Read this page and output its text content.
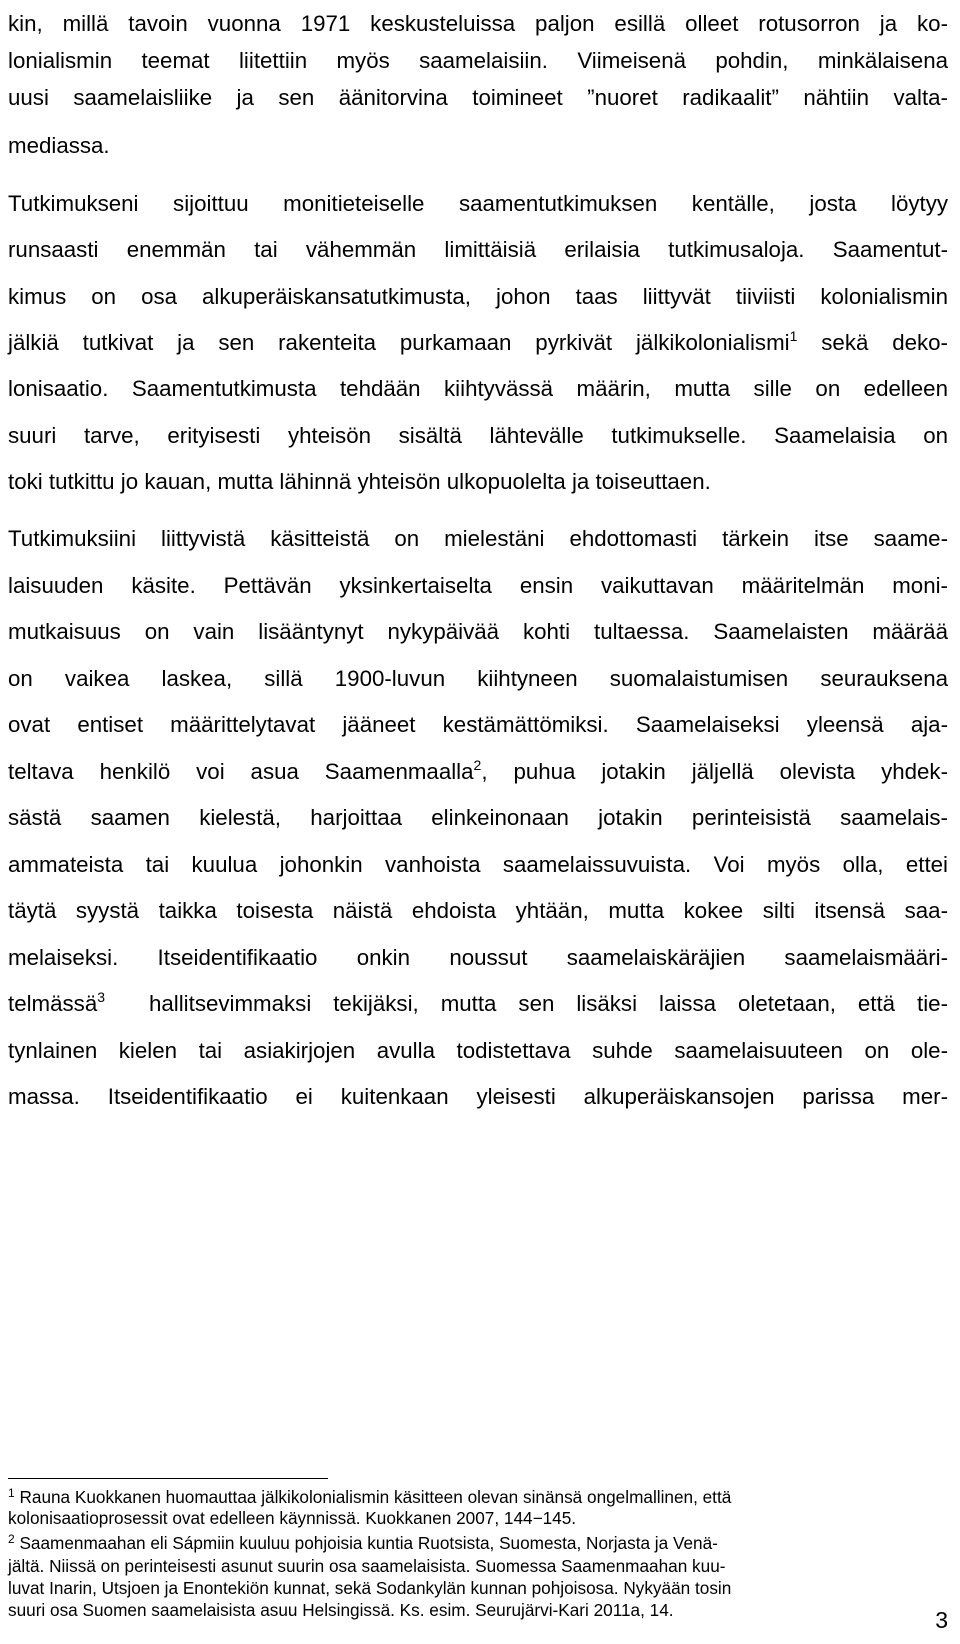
kin, millä tavoin vuonna 1971 keskusteluissa paljon esillä olleet rotusorron ja ko-
lonialismin teemat liitettiin myös saamelaisiin. Viimeisenä pohdin, minkälaisena
uusi saamelaisliike ja sen äänitorvina toimineet ”nuoret radikaalit” nähtiin valta-
mediassa.
Tutkimukseni sijoittuu monitieteiselle saamentutkimuksen kentälle, josta löytyy
runsaasti enemmän tai vähemmän limittäisiä erilaisia tutkimusaloja. Saamentut-
kimus on osa alkuperäiskansatutkimusta, johon taas liittyvät tiiviisti kolonialismin
jälkiä tutkivat ja sen rakenteita purkamaan pyrkivät jälkikolonialismi$^1$ sekä deko-
lonisaatio. Saamentutkimusta tehdään kiihtyvässä määrin, mutta sille on edelleen
suuri tarve, erityisesti yhteisön sisältä lähtevälle tutkimukselle. Saamelaisia on
toki tutkittu jo kauan, mutta lähinnä yhteisön ulkopuolelta ja toiseuttaen.
Tutkimuksiini liittyvistä käsitteistä on mielestäni ehdottomasti tärkein itse saame-
laisuuden käsite. Pettävän yksinkertaiselta ensin vaikuttavan määritelmän moni-
mutkaisuus on vain lisääntynyt nykypäivää kohti tultaessa. Saamelaisten määrää
on vaikea laskea, sillä 1900-luvun kiihtyneen suomalaistumisen seurauksena
ovat entiset määrittelytavat jääneet kestämättömiksi. Saamelaiseksi yleensä aja-
teltava henkilö voi asua Saamenmaalla$^2$, puhua jotakin jäljellä olevista yhdek-
sästä saamen kielestä, harjoittaa elinkeinonaan jotakin perinteisistä saamelais-
ammateista tai kuulua johonkin vanhoista saamelaissuvuista. Voi myös olla, ettei
täytä syystä taikka toisesta näistä ehdoista yhtään, mutta kokee silti itsensä saa-
melaiseksi. Itseidentifikaatio onkin noussut saamelaiskäräjien saamelaismääri-
telmässä$^3$ hallitsevimmaksi tekijäksi, mutta sen lisäksi laissa oletetaan, että tie-
tynlainen kielen tai asiakirjojen avulla todistettava suhde saamelaisuuteen on ole-
massa. Itseidentifikaatio ei kuitenkaan yleisesti alkuperäiskansojen parissa mer-
$^1$ Rauna Kuokkanen huomauttaa jälkikolonialismin käsitteen olevan sinänsä ongelmallinen, että
kolonisaatioprosessit ovat edelleen käynnissä. Kuokkanen 2007, 144−145.
$^2$ Saamenmaahan eli Sápmiin kuuluu pohjoisia kuntia Ruotsista, Suomesta, Norjasta ja Venä-
jältä. Niissä on perinteisesti asunut suurin osa saamelaisista. Suomessa Saamenmaahan kuu-
luvat Inarin, Utsjoen ja Enontekiön kunnat, sekä Sodankylän kunnan pohjoisosa. Nykyään tosin
suuri osa Suomen saamelaisista asuu Helsingissä. Ks. esim. Seurujärvi-Kari 2011a, 14.	3
